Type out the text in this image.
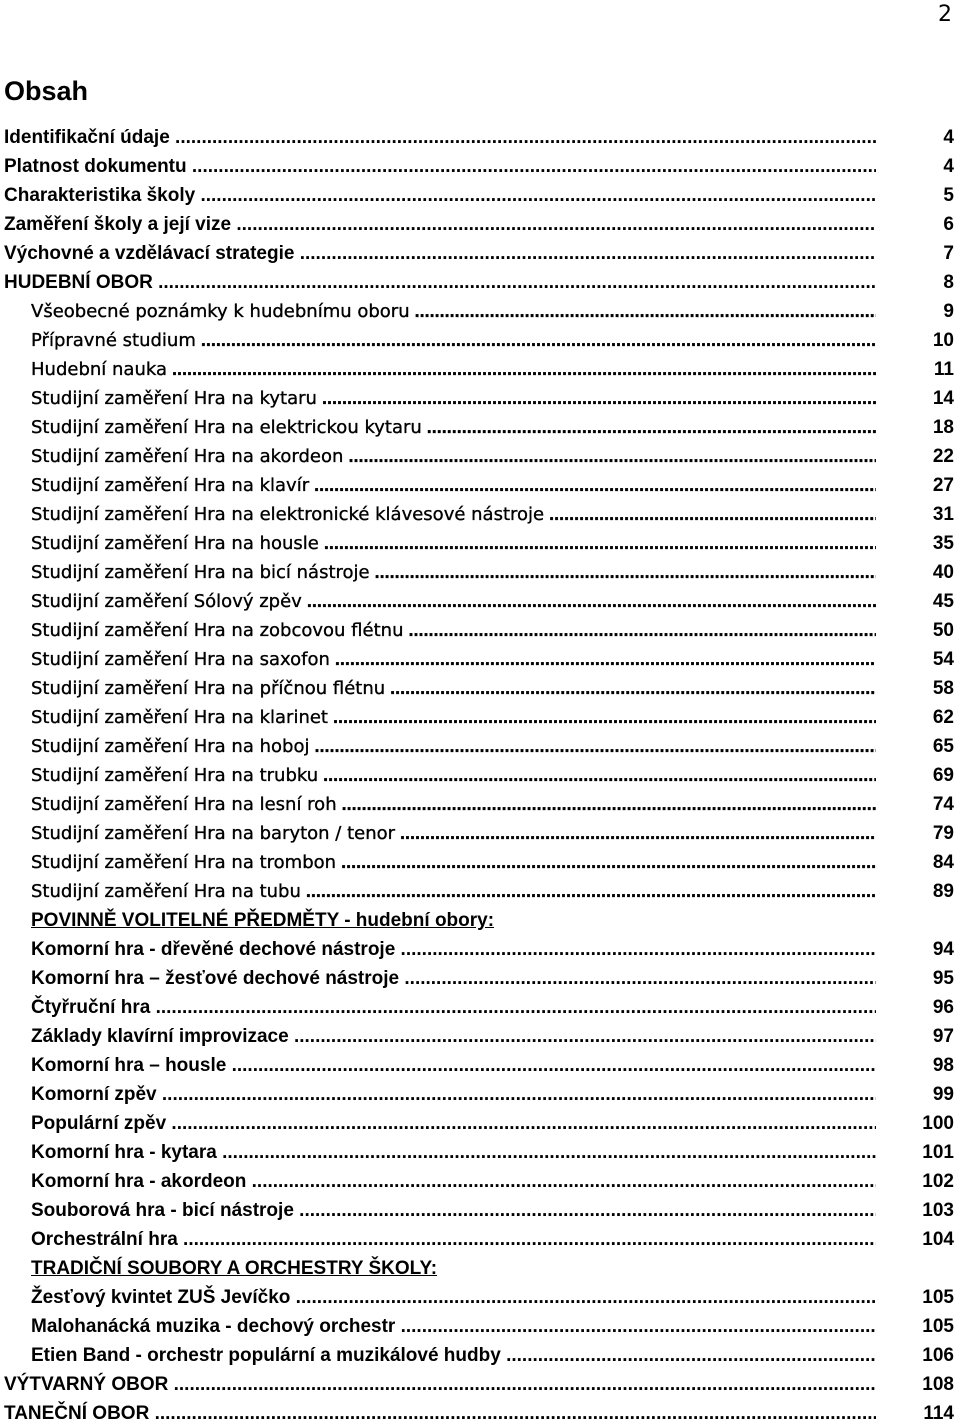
2
Obsah
Identifikační údaje .....	4
Platnost dokumentu .....	4
Charakteristika školy .....	5
Zaměření školy a její vize .....	6
Výchovné a vzdělávací strategie .....	7
HUDEBNÍ OBOR .....	8
Všeobecné poznámky k hudebnímu oboru .....	9
Přípravné studium .....	10
Hudební nauka .....	11
Studijní zaměření Hra na kytaru .....	14
Studijní zaměření Hra na elektrickou kytaru .....	18
Studijní zaměření Hra na akordeon .....	22
Studijní zaměření Hra na klavír .....	27
Studijní zaměření Hra na elektronické klávesové nástroje .....	31
Studijní zaměření Hra na housle .....	35
Studijní zaměření Hra na bicí nástroje .....	40
Studijní zaměření Sólový zpěv .....	45
Studijní zaměření Hra na zobcovou flétnu .....	50
Studijní zaměření Hra na saxofon .....	54
Studijní zaměření Hra na příčnou flétnu .....	58
Studijní zaměření Hra na klarinet .....	62
Studijní zaměření Hra na hoboj .....	65
Studijní zaměření Hra na trubku .....	69
Studijní zaměření Hra na lesní roh .....	74
Studijní zaměření Hra na baryton / tenor .....	79
Studijní zaměření Hra na trombon .....	84
Studijní zaměření Hra na tubu .....	89
POVINNĚ VOLITELNÉ PŘEDMĚTY - hudební obory:
Komorní hra - dřevěné dechové nástroje .....	94
Komorní hra – žesťové dechové nástroje .....	95
Čtyřruční hra .....	96
Základy klavírní improvizace .....	97
Komorní hra – housle .....	98
Komorní zpěv .....	99
Populární zpěv .....	100
Komorní hra - kytara .....	101
Komorní hra - akordeon .....	102
Souborová hra - bicí nástroje .....	103
Orchestrální hra .....	104
TRADIČNÍ SOUBORY A ORCHESTRY ŠKOLY:
Žesťový kvintet ZUŠ Jevíčko .....	105
Malohanácká muzika - dechový orchestr .....	105
Etien Band - orchestr populární a muzikálové hudby .....	106
VÝTVARNÝ OBOR .....	108
TANEČNÍ OBOR .....	114
